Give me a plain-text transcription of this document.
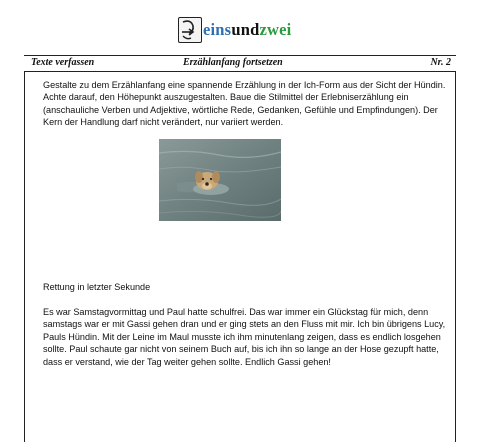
einsundzwei
Texte verfassen	Erzählanfang fortsetzen	Nr. 2

Gestalte zu dem Erzählanfang eine spannende Erzählung in der Ich-Form aus der Sicht der Hündin. Achte darauf, den Höhepunkt auszugestalten. Baue die Stilmittel der Erlebniserzählung ein (anschauliche Verben und Adjektive, wörtliche Rede, Gedanken, Gefühle und Empfindungen). Der Kern der Handlung darf nicht verändert, nur variiert werden.

Rettung in letzter Sekunde

Es war Samstagvormittag und Paul hatte schulfrei. Das war immer ein Glückstag für mich, denn samstags war er mit Gassi gehen dran und er ging stets an den Fluss mit mir. Ich bin übrigens Lucy, Pauls Hündin. Mit der Leine im Maul musste ich ihm minutenlang zeigen, dass es endlich losgehen sollte. Paul schaute gar nicht von seinem Buch auf, bis ich ihn so lange an der Hose gezupft hatte, dass er verstand, wie der Tag weiter gehen sollte. Endlich Gassi gehen!
